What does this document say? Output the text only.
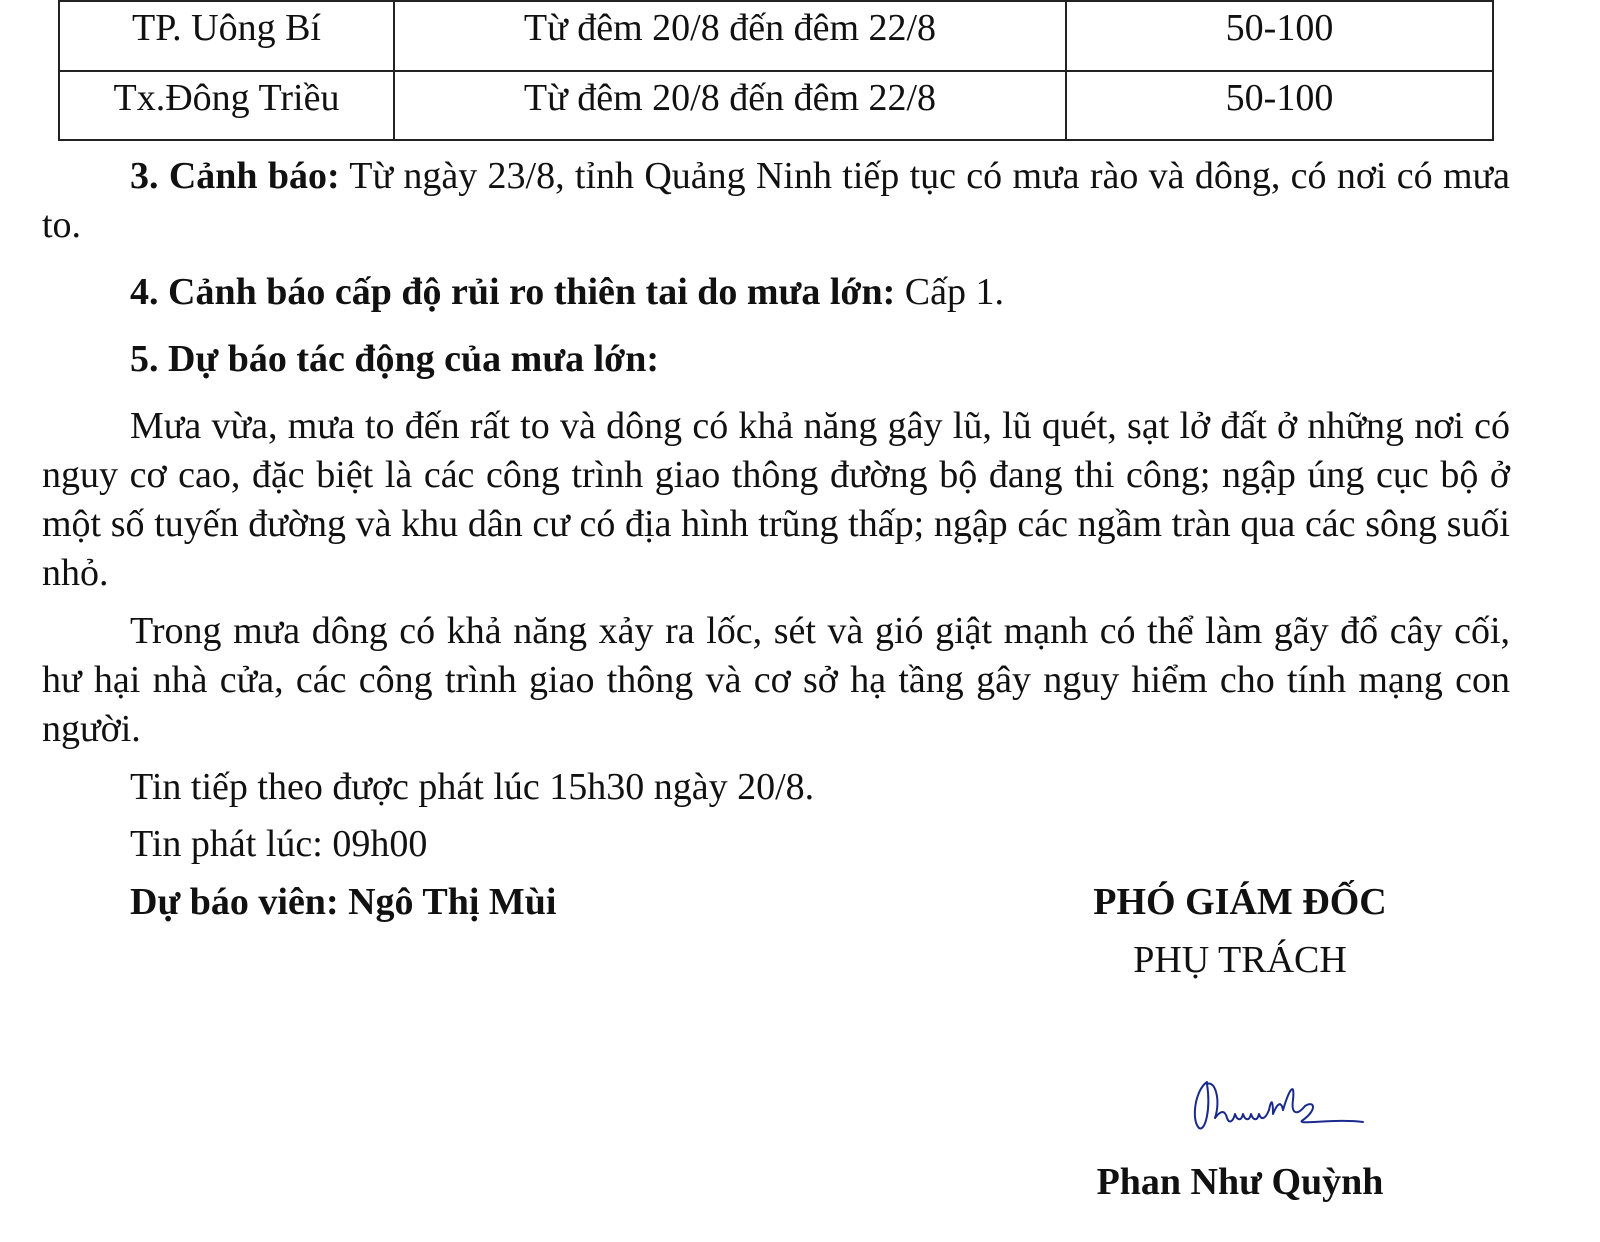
TP. Uông Bí	Từ đêm 20/8 đến đêm 22/8	50-100
Tx.Đông Triều	Từ đêm 20/8 đến đêm 22/8	50-100

3. Cảnh báo: Từ ngày 23/8, tỉnh Quảng Ninh tiếp tục có mưa rào và dông, có nơi có mưa to.

4. Cảnh báo cấp độ rủi ro thiên tai do mưa lớn: Cấp 1.

5. Dự báo tác động của mưa lớn:

Mưa vừa, mưa to đến rất to và dông có khả năng gây lũ, lũ quét, sạt lở đất ở những nơi có nguy cơ cao, đặc biệt là các công trình giao thông đường bộ đang thi công; ngập úng cục bộ ở một số tuyến đường và khu dân cư có địa hình trũng thấp; ngập các ngầm tràn qua các sông suối nhỏ.

Trong mưa dông có khả năng xảy ra lốc, sét và gió giật mạnh có thể làm gãy đổ cây cối, hư hại nhà cửa, các công trình giao thông và cơ sở hạ tầng gây nguy hiểm cho tính mạng con người.

Tin tiếp theo được phát lúc 15h30 ngày 20/8.

Tin phát lúc: 09h00

Dự báo viên: Ngô Thị Mùi	PHÓ GIÁM ĐỐC

PHỤ TRÁCH

Phan Như Quỳnh
